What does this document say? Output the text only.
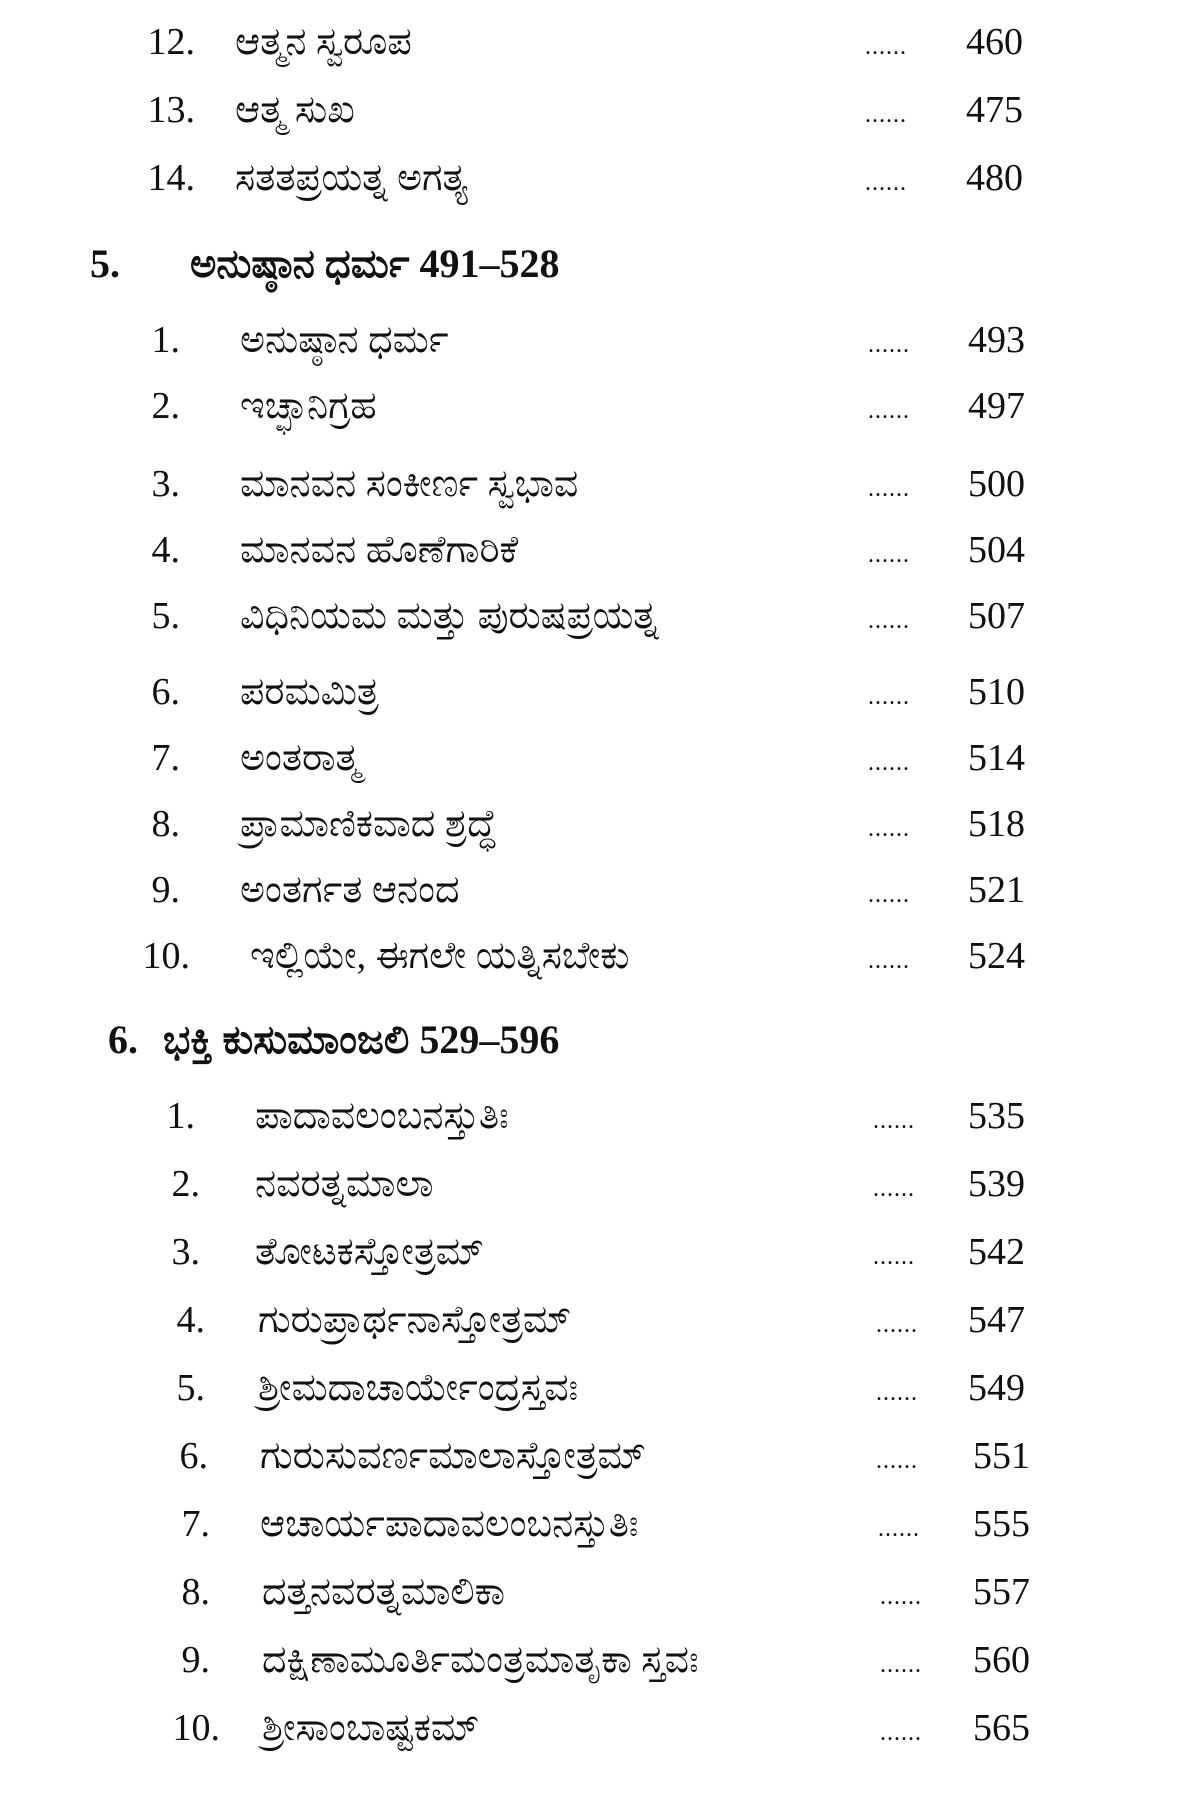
12. ಆತ್ಮನ ಸ್ವರೂಪ	......	460
13. ಆತ್ಮ ಸುಖ	......	475
14. ಸತತಪ್ರಯತ್ನ ಅಗತ್ಯ	......	480
5. ಅನುಷ್ಠಾನ ಧರ್ಮ 491–528
1. ಅನುಷ್ಠಾನ ಧರ್ಮ	......	493
2. ಇಚ್ಛಾನಿಗ್ರಹ	......	497
3. ಮಾನವನ ಸಂಕೀರ್ಣ ಸ್ವಭಾವ	......	500
4. ಮಾನವನ ಹೊಣೆಗಾರಿಕೆ	......	504
5. ವಿಧಿನಿಯಮ ಮತ್ತು ಪುರುಷಪ್ರಯತ್ನ	......	507
6. ಪರಮಮಿತ್ರ	......	510
7. ಅಂತರಾತ್ಮ	......	514
8. ಪ್ರಾಮಾಣಿಕವಾದ ಶ್ರದ್ಧೆ	......	518
9. ಅಂತರ್ಗತ ಆನಂದ	......	521
10. ಇಲ್ಲಿಯೇ, ಈಗಲೇ ಯತ್ನಿಸಬೇಕು	......	524
6. ಭಕ್ತಿ ಕುಸುಮಾಂಜಲಿ 529–596
1. ಪಾದಾವಲಂಬನಸ್ತುತಿಃ	......	535
2. ನವರತ್ನಮಾಲಾ	......	539
3. ತೋಟಕಸ್ತೋತ್ರಮ್	......	542
4. ಗುರುಪ್ರಾರ್ಥನಾಸ್ತೋತ್ರಮ್	......	547
5. ಶ್ರೀಮದಾಚಾರ್ಯೇಂದ್ರಸ್ತವಃ	......	549
6. ಗುರುಸುವರ್ಣಮಾಲಾಸ್ತೋತ್ರಮ್	......	551
7. ಆಚಾರ್ಯಪಾದಾವಲಂಬನಸ್ತುತಿಃ	......	555
8. ದತ್ತನವರತ್ನಮಾಲಿಕಾ	......	557
9. ದಕ್ಷಿಣಾಮೂರ್ತಿಮಂತ್ರಮಾತೃಕಾ ಸ್ತವಃ	......	560
10. ಶ್ರೀಸಾಂಬಾಷ್ಟಕಮ್	......	565
